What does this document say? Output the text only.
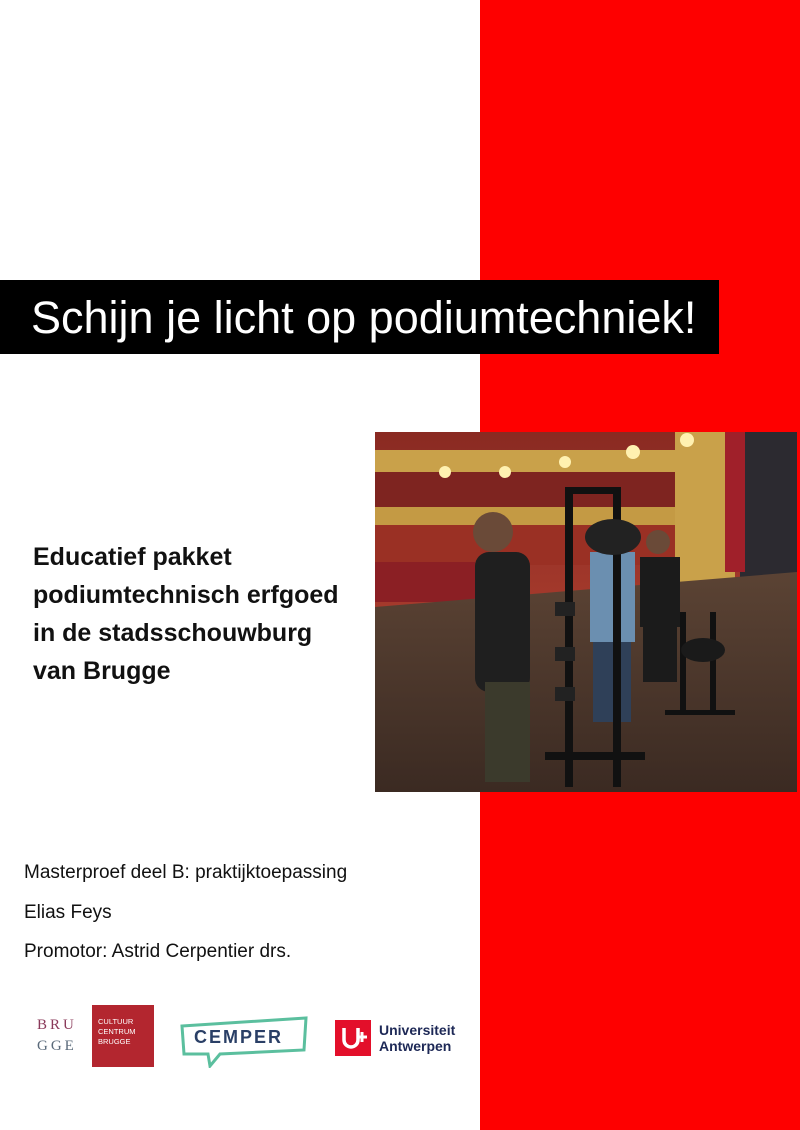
Schijn je licht op podiumtechniek!
Educatief pakket
podiumtechnisch erfgoed
in de stadsschouwburg
van Brugge
Masterproef deel B: praktijktoepassing
Elias Feys
Promotor: Astrid Cerpentier drs.
BRU
GGE
CULTUUR
CENTRUM
BRUGGE	CEMPER	Universiteit
Antwerpen
